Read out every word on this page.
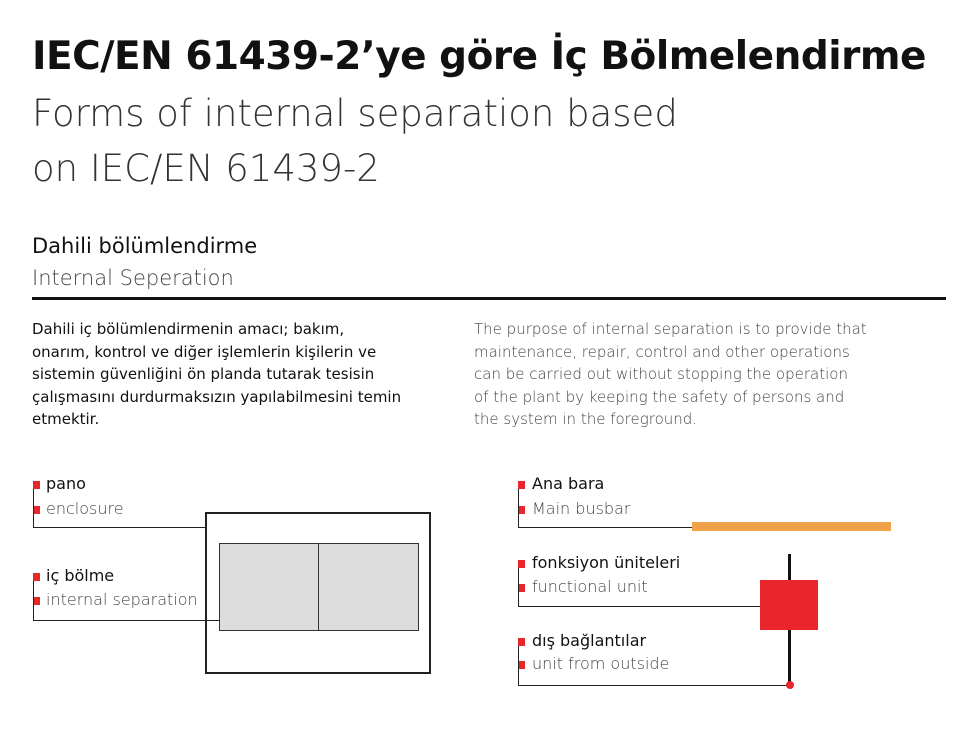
IEC/EN 61439-2’ye göre İç Bölmelendirme
Forms of internal separation based
on IEC/EN 61439-2
Dahili bölümlendirme
Internal Seperation

Dahili iç bölümlendirmenin amacı; bakım,

onarım, kontrol ve diğer işlemlerin kişilerin ve

sistemin güvenliğini ön planda tutarak tesisin

çalışmasını durdurmaksızın yapılabilmesini temin

etmektir.

The purpose of internal separation is to provide that

maintenance, repair, control and other operations

can be carried out without stopping the operation

of the plant by keeping the safety of persons and

the system in the foreground.

pano
enclosure
iç bölme
internal separation
Ana bara
Main busbar
fonksiyon üniteleri
functional unit
dış bağlantılar
unit from outside
